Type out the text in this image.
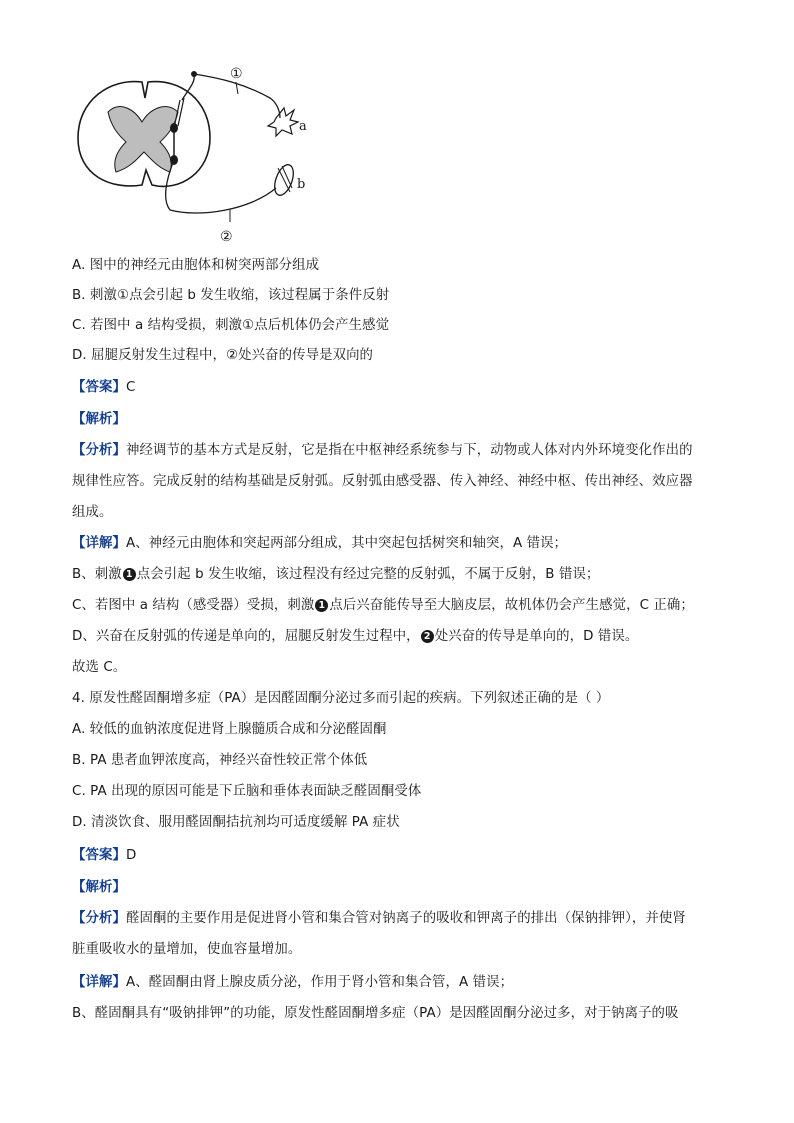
①
②
a
b
A. 图中的神经元由胞体和树突两部分组成
B. 刺激①点会引起 b 发生收缩，该过程属于条件反射
C. 若图中 a 结构受损，刺激①点后机体仍会产生感觉
D. 屈腿反射发生过程中，②处兴奋的传导是双向的
【答案】C
【解析】
【分析】神经调节的基本方式是反射，它是指在中枢神经系统参与下，动物或人体对内外环境变化作出的
规律性应答。完成反射的结构基础是反射弧。反射弧由感受器、传入神经、神经中枢、传出神经、效应器
组成。
【详解】A、神经元由胞体和突起两部分组成，其中突起包括树突和轴突，A 错误；
B、刺激 1 点会引起 b 发生收缩，该过程没有经过完整的反射弧，不属于反射，B 错误；
C、若图中 a 结构（感受器）受损，刺激 1 点后兴奋能传导至大脑皮层，故机体仍会产生感觉，C 正确；
D、兴奋在反射弧的传递是单向的，屈腿反射发生过程中， 2 处兴奋的传导是单向的，D 错误。
故选 C。
4. 原发性醛固酮增多症（PA）是因醛固酮分泌过多而引起的疾病。下列叙述正确的是（ ）
A. 较低的血钠浓度促进肾上腺髓质合成和分泌醛固酮
B. PA 患者血钾浓度高，神经兴奋性较正常个体低
C. PA 出现的原因可能是下丘脑和垂体表面缺乏醛固酮受体
D. 清淡饮食、服用醛固酮拮抗剂均可适度缓解 PA 症状
【答案】D
【解析】
【分析】醛固酮的主要作用是促进肾小管和集合管对钠离子的吸收和钾离子的排出（保钠排钾），并使肾
脏重吸收水的量增加，使血容量增加。
【详解】A、醛固酮由肾上腺皮质分泌，作用于肾小管和集合管，A 错误；
B、醛固酮具有“吸钠排钾”的功能，原发性醛固酮增多症（PA）是因醛固酮分泌过多，对于钠离子的吸
